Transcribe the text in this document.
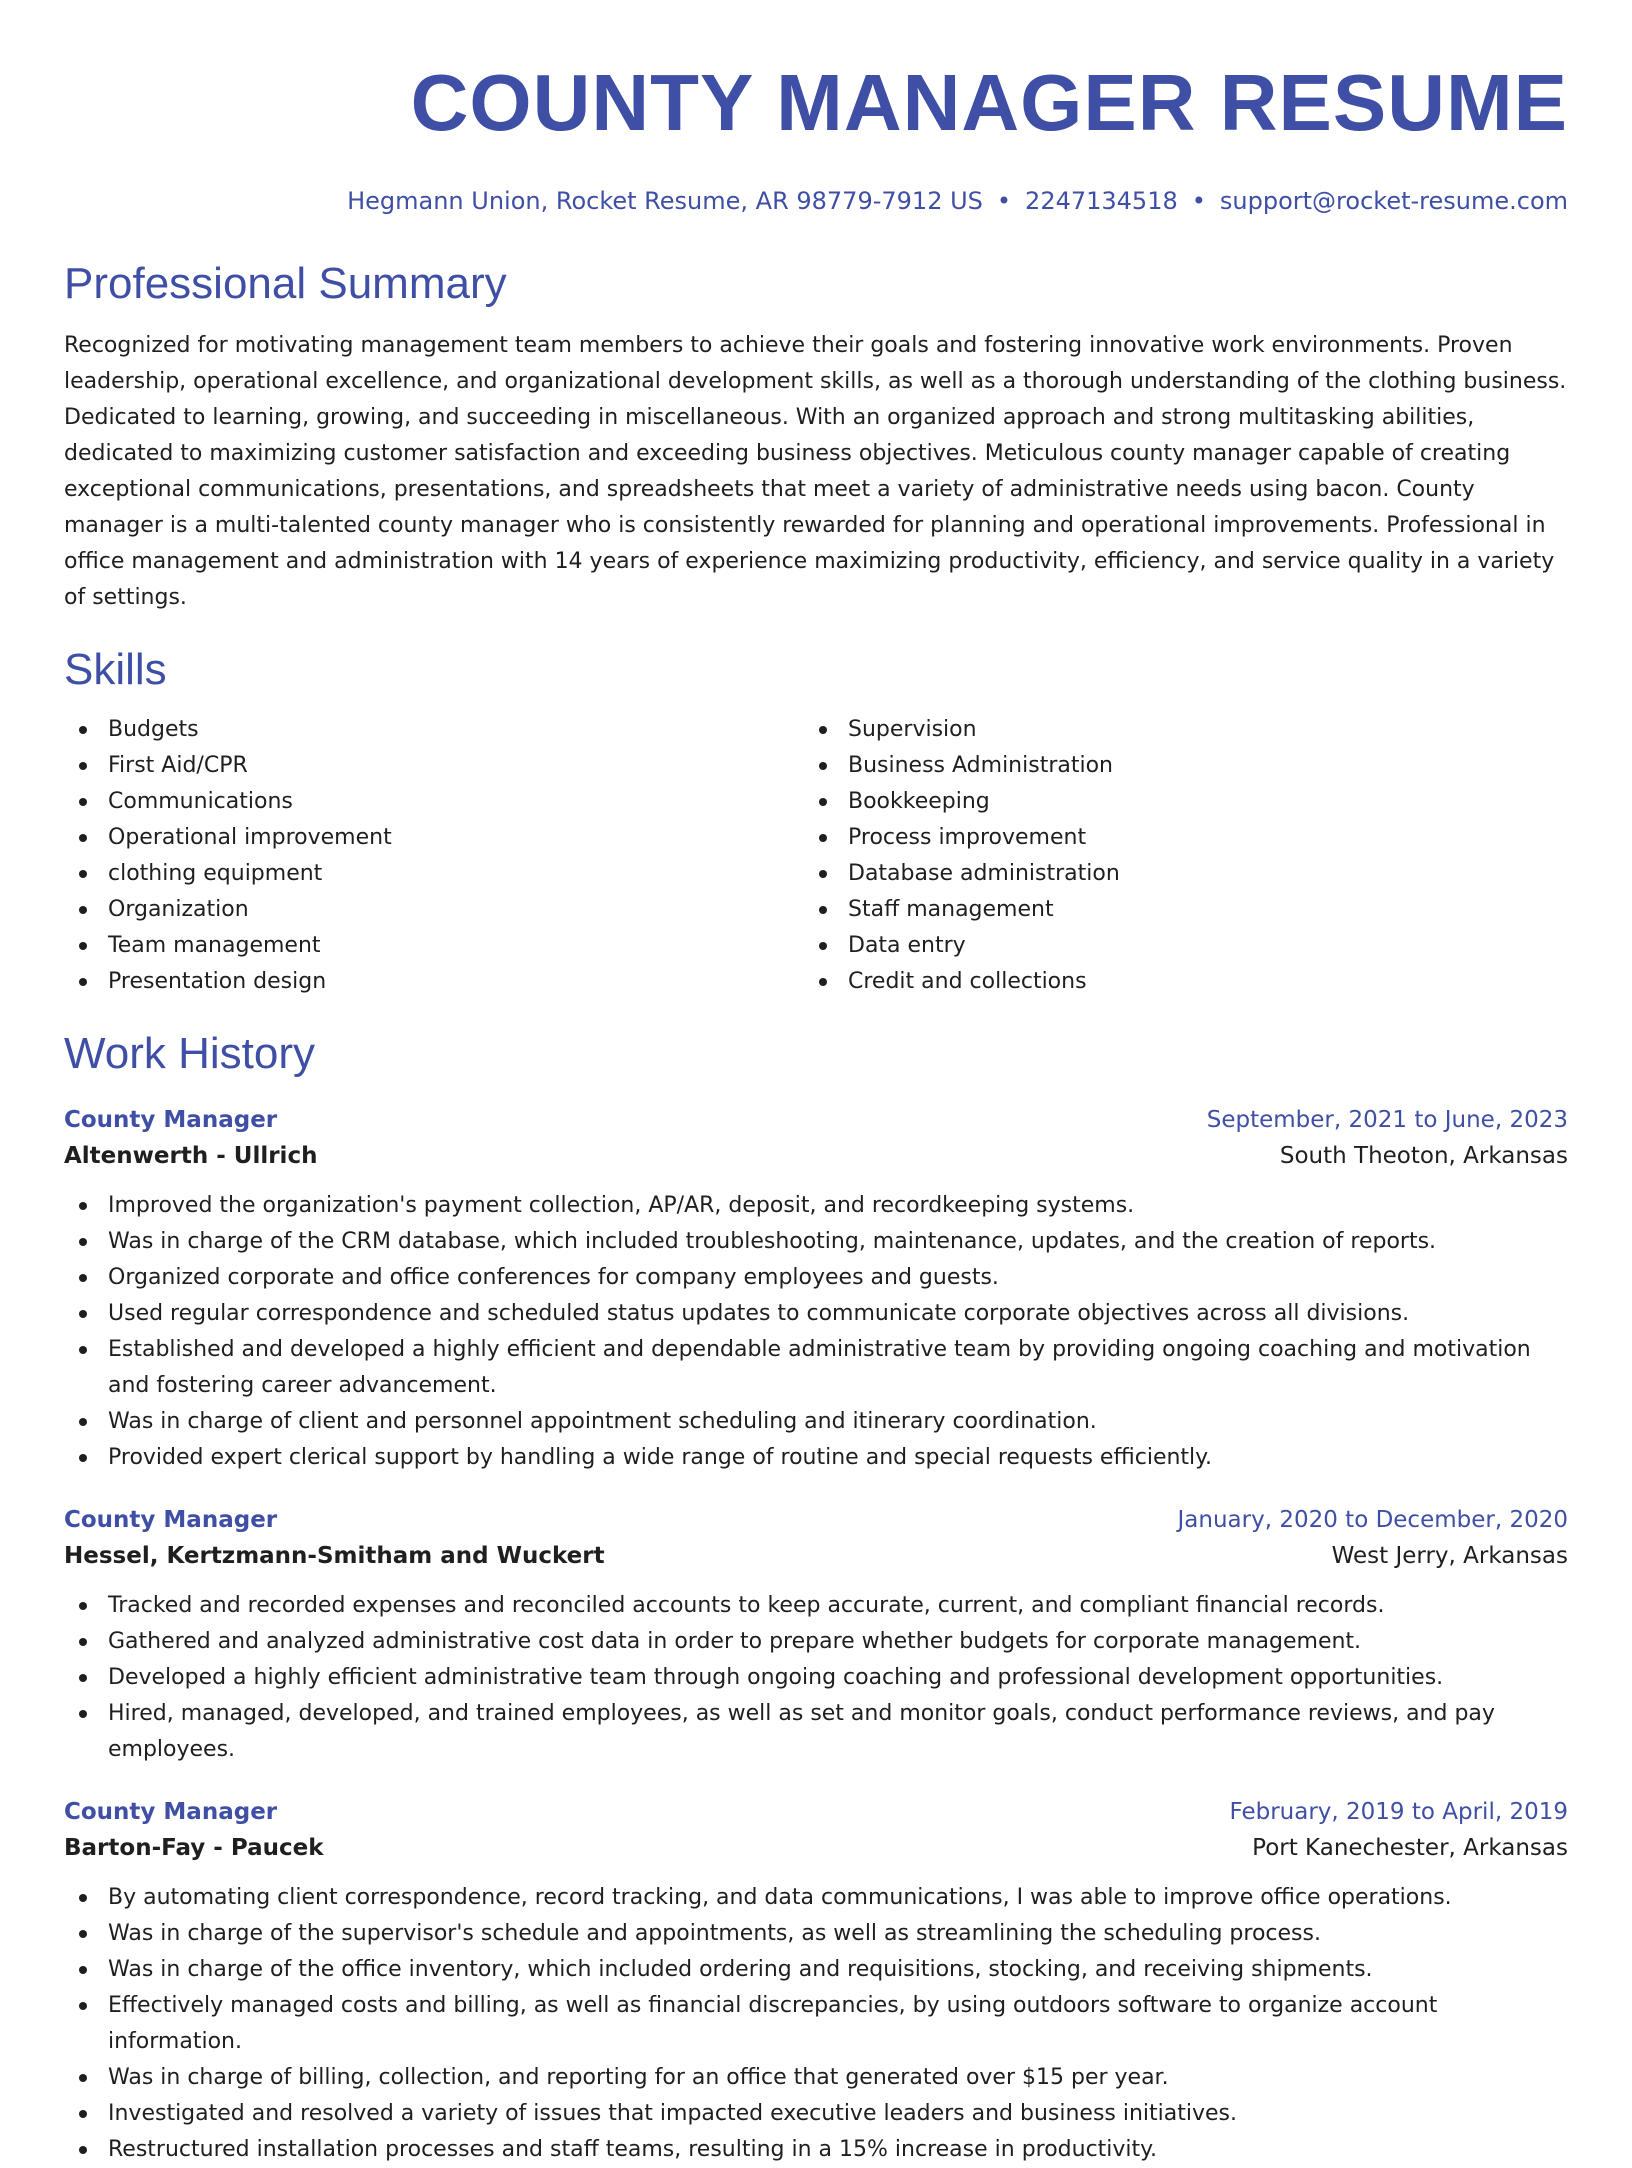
COUNTY MANAGER RESUME
Hegmann Union, Rocket Resume, AR 98779-7912 US • 2247134518 • support@rocket-resume.com
Professional Summary

Recognized for motivating management team members to achieve their goals and fostering innovative work environments. Proven leadership, operational excellence, and organizational development skills, as well as a thorough understanding of the clothing business. Dedicated to learning, growing, and succeeding in miscellaneous. With an organized approach and strong multitasking abilities, dedicated to maximizing customer satisfaction and exceeding business objectives. Meticulous county manager capable of creating exceptional communications, presentations, and spreadsheets that meet a variety of administrative needs using bacon. County manager is a multi-talented county manager who is consistently rewarded for planning and operational improvements. Professional in office management and administration with 14 years of experience maximizing productivity, efficiency, and service quality in a variety of settings.

Skills
Budgets
First Aid/CPR
Communications
Operational improvement
clothing equipment
Organization
Team management
Presentation design
Supervision
Business Administration
Bookkeeping
Process improvement
Database administration
Staff management
Data entry
Credit and collections
Work History
County Manager	September, 2021 to June, 2023
Altenwerth - Ullrich	South Theoton, Arkansas
Improved the organization's payment collection, AP/AR, deposit, and recordkeeping systems.
Was in charge of the CRM database, which included troubleshooting, maintenance, updates, and the creation of reports.
Organized corporate and office conferences for company employees and guests.
Used regular correspondence and scheduled status updates to communicate corporate objectives across all divisions.
Established and developed a highly efficient and dependable administrative team by providing ongoing coaching and motivation and fostering career advancement.
Was in charge of client and personnel appointment scheduling and itinerary coordination.
Provided expert clerical support by handling a wide range of routine and special requests efficiently.
County Manager	January, 2020 to December, 2020
Hessel, Kertzmann-Smitham and Wuckert	West Jerry, Arkansas
Tracked and recorded expenses and reconciled accounts to keep accurate, current, and compliant financial records.
Gathered and analyzed administrative cost data in order to prepare whether budgets for corporate management.
Developed a highly efficient administrative team through ongoing coaching and professional development opportunities.
Hired, managed, developed, and trained employees, as well as set and monitor goals, conduct performance reviews, and pay employees.
County Manager	February, 2019 to April, 2019
Barton-Fay - Paucek	Port Kanechester, Arkansas
By automating client correspondence, record tracking, and data communications, I was able to improve office operations.
Was in charge of the supervisor's schedule and appointments, as well as streamlining the scheduling process.
Was in charge of the office inventory, which included ordering and requisitions, stocking, and receiving shipments.
Effectively managed costs and billing, as well as financial discrepancies, by using outdoors software to organize account information.
Was in charge of billing, collection, and reporting for an office that generated over $15 per year.
Investigated and resolved a variety of issues that impacted executive leaders and business initiatives.
Restructured installation processes and staff teams, resulting in a 15% increase in productivity.
